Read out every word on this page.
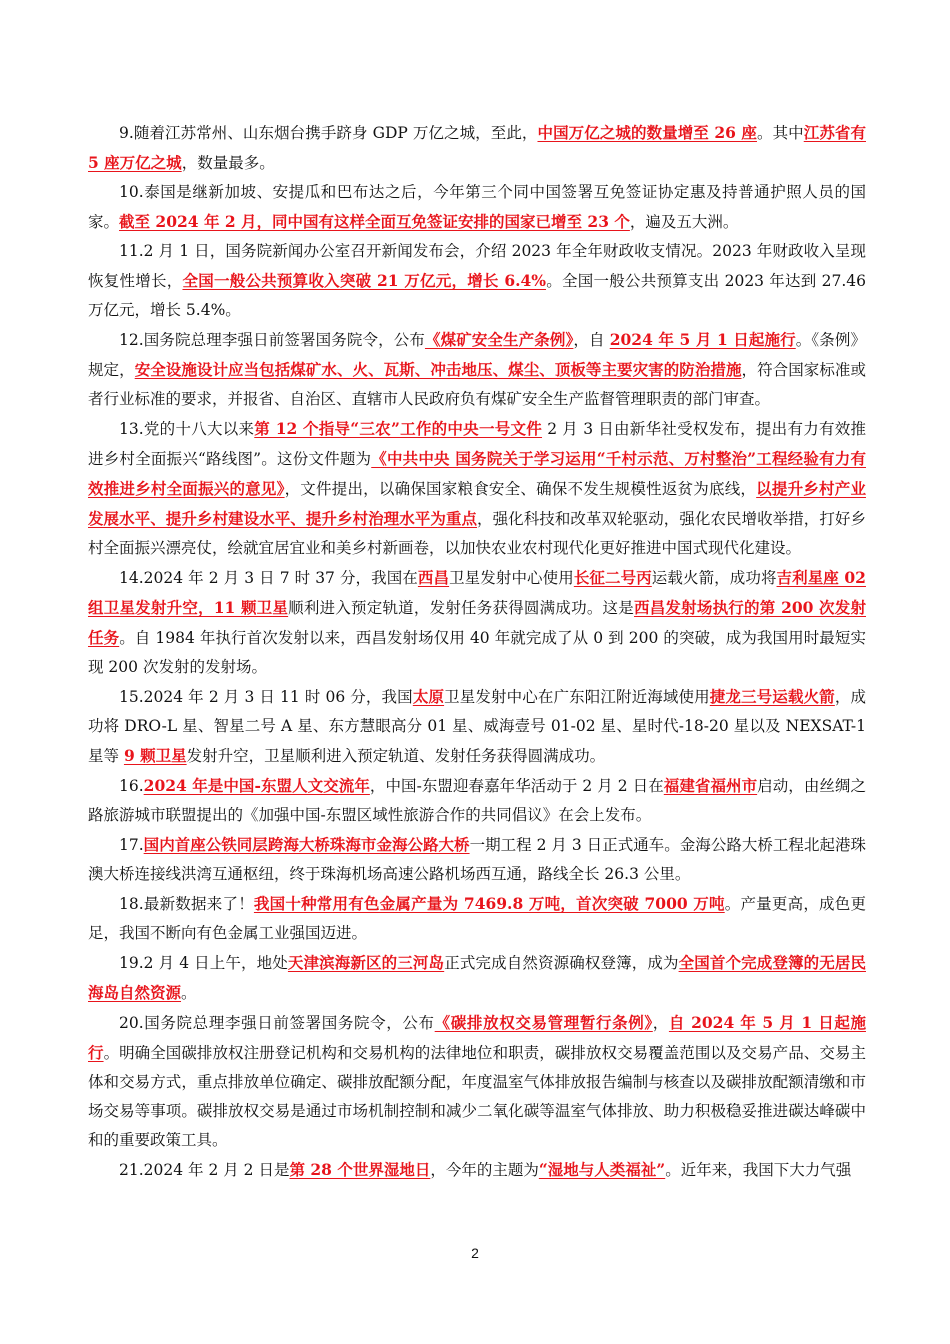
9.随着江苏常州、山东烟台携手跻身 GDP 万亿之城，至此，中国万亿之城的数量增至 26 座。其中江苏省有 5 座万亿之城，数量最多。

10.泰国是继新加坡、安提瓜和巴布达之后，今年第三个同中国签署互免签证协定惠及持普通护照人员的国家。截至 2024 年 2 月，同中国有这样全面互免签证安排的国家已增至 23 个，遍及五大洲。

11.2 月 1 日，国务院新闻办公室召开新闻发布会，介绍 2023 年全年财政收支情况。2023 年财政收入呈现恢复性增长，全国一般公共预算收入突破 21 万亿元，增长 6.4%。全国一般公共预算支出 2023 年达到 27.46 万亿元，增长 5.4%。

12.国务院总理李强日前签署国务院令，公布《煤矿安全生产条例》，自 2024 年 5 月 1 日起施行。《条例》规定，安全设施设计应当包括煤矿水、火、瓦斯、冲击地压、煤尘、顶板等主要灾害的防治措施，符合国家标准或者行业标准的要求，并报省、自治区、直辖市人民政府负有煤矿安全生产监督管理职责的部门审查。

13.党的十八大以来第 12 个指导“三农”工作的中央一号文件 2 月 3 日由新华社受权发布，提出有力有效推进乡村全面振兴“路线图”。这份文件题为《中共中央 国务院关于学习运用“千村示范、万村整治”工程经验有力有效推进乡村全面振兴的意见》，文件提出，以确保国家粮食安全、确保不发生规模性返贫为底线，以提升乡村产业发展水平、提升乡村建设水平、提升乡村治理水平为重点，强化科技和改革双轮驱动，强化农民增收举措，打好乡村全面振兴漂亮仗，绘就宜居宜业和美乡村新画卷，以加快农业农村现代化更好推进中国式现代化建设。

14.2024 年 2 月 3 日 7 时 37 分，我国在西昌卫星发射中心使用长征二号丙运载火箭，成功将吉利星座 02 组卫星发射升空，11 颗卫星顺利进入预定轨道，发射任务获得圆满成功。这是西昌发射场执行的第 200 次发射任务。自 1984 年执行首次发射以来，西昌发射场仅用 40 年就完成了从 0 到 200 的突破，成为我国用时最短实现 200 次发射的发射场。

15.2024 年 2 月 3 日 11 时 06 分，我国太原卫星发射中心在广东阳江附近海域使用捷龙三号运载火箭，成功将 DRO-L 星、智星二号 A 星、东方慧眼高分 01 星、威海壹号 01-02 星、星时代-18-20 星以及 NEXSAT-1 星等 9 颗卫星发射升空，卫星顺利进入预定轨道、发射任务获得圆满成功。

16.2024 年是中国-东盟人文交流年，中国-东盟迎春嘉年华活动于 2 月 2 日在福建省福州市启动，由丝绸之路旅游城市联盟提出的《加强中国-东盟区域性旅游合作的共同倡议》在会上发布。

17.国内首座公铁同层跨海大桥珠海市金海公路大桥一期工程 2 月 3 日正式通车。金海公路大桥工程北起港珠澳大桥连接线洪湾互通枢纽，终于珠海机场高速公路机场西互通，路线全长 26.3 公里。

18.最新数据来了！我国十种常用有色金属产量为 7469.8 万吨，首次突破 7000 万吨。产量更高，成色更足，我国不断向有色金属工业强国迈进。

19.2 月 4 日上午，地处天津滨海新区的三河岛正式完成自然资源确权登簿，成为全国首个完成登簿的无居民海岛自然资源。

20.国务院总理李强日前签署国务院令，公布《碳排放权交易管理暂行条例》，自 2024 年 5 月 1 日起施行。明确全国碳排放权注册登记机构和交易机构的法律地位和职责，碳排放权交易覆盖范围以及交易产品、交易主体和交易方式，重点排放单位确定、碳排放配额分配，年度温室气体排放报告编制与核查以及碳排放配额清缴和市场交易等事项。碳排放权交易是通过市场机制控制和减少二氧化碳等温室气体排放、助力积极稳妥推进碳达峰碳中和的重要政策工具。

21.2024 年 2 月 2 日是第 28 个世界湿地日，今年的主题为“湿地与人类福祉”。近年来，我国下大力气强

2
